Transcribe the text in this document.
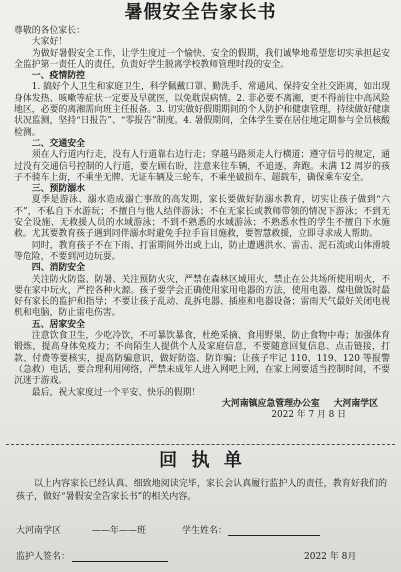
暑假安全告家长书

尊敬的各位家长：

大家好！

为做好暑假安全工作，让学生度过一个愉快、安全的假期，我们诚挚地希望您切实承担起安全监护第一责任人的责任，负责好学生脱离学校教师管理时段的安全。

一、疫情防控

1. 搞好个人卫生和家庭卫生，科学佩戴口罩、勤洗手、常通风、保持安全社交距离，如出现身体发热、咳嗽等症状一定要及早就医，以免耽误病情。2. 非必要不离湘，更不得前往中高风险地区，必要的离湘需向班主任报备。3. 切实做好假期期间的个人防护和健康管理，持续做好健康状况监测，坚持“日报告”、“零报告”制度。4. 暑假期间，全体学生要在居住地定期参与全员核酸检测。

二、交通安全

须在人行道内行走，没有人行道靠右边行走；穿越马路须走人行横道；遵守信号的规定，通过没有交通信号控制的人行道，要左顾右盼，注意来往车辆，不追逐、奔跑。未满 12 周岁的孩子不骑车上街，不乘坐无牌、无证车辆及三轮车，不乘坐破损车、超载车，确保乘车安全。

三、预防溺水

夏季是游泳、溺水造成溺亡事故的高发期，家长要做好防溺水教育，切实让孩子做到“六不”，不私自下水游玩；不擅自与他人结伴游泳；不在无家长或教师带领的情况下游泳；不到无安全设施、无救援人员的水域游泳；不到不熟悉的水域游泳；不熟悉水性的学生不擅自下水施救。尤其要教育孩子遇到同伴溺水时避免手拉手盲目施救，要智慧救援，立即寻求成人帮助。

同时，教育孩子不在下雨、打雷期间外出或上山，防止遭遇洪水、雷击、泥石流或山体滑坡等危险，不要到河边玩耍。

四、消防安全

关注防火防盗、防暑、关注预防火灾，严禁在森林区域用火，禁止在公共场所使用明火，不要在家中玩火，严控各种火源。孩子要学会正确使用家用电器的方法，使用电器、煤电做饭时最好有家长的监护和指导；不要让孩子乱动、乱拆电器、插座和电器设备；雷雨天气最好关闭电视机和电脑，防止雷电伤害。

五、居家安全

注意饮食卫生，少吃冷饮，不可暴饮暴食，杜绝采摘、食用野果，防止食物中毒；加强体育锻炼，提高身体免疫力；不向陌生人提供个人及家庭信息，不要随意回复信息、点击链接，打款、付费等要核实，提高防骗意识，做好防盗、防诈骗；让孩子牢记 110、119、120 等报警（急救）电话，要合理利用网络，严禁未成年人进入网吧上网，在家上网要适当控制时间，不要沉迷于游戏。

最后，祝大家度过一个平安、快乐的假期！

大河南镇应急管理办公室 大河南学区

2022 年 7 月 8 日

回执单
以上内容家长已经认真、细致地阅读完毕，家长会认真履行监护人的责任，教育好我们的孩子，做好“暑假安全告家长书”的相关内容。
大河南学区	——年——班	学生姓名：
监护人签名：	2022 年 8月
